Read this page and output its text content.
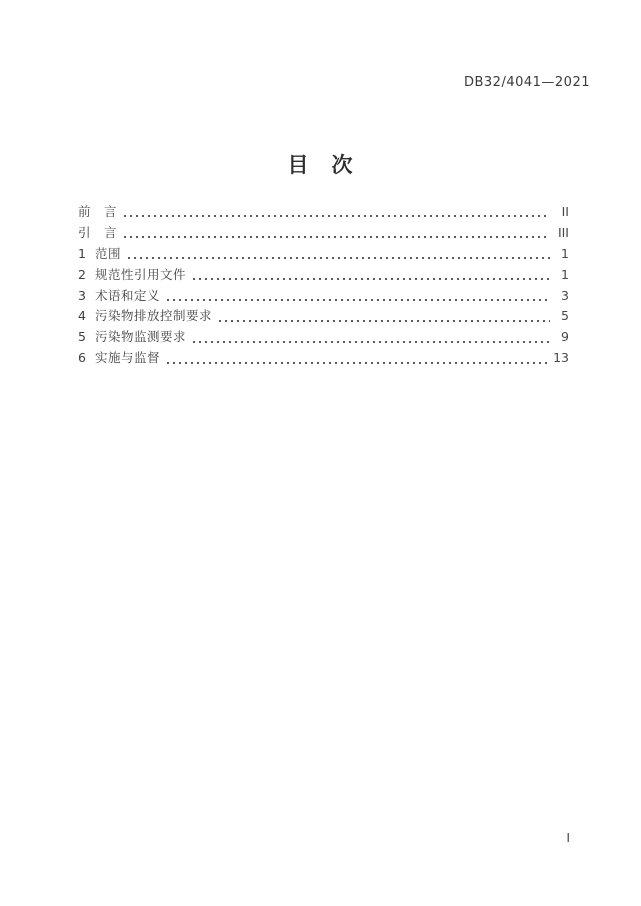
DB32/4041—2021
目　次
前　言	II
引　言	III
1 范围	1
2 规范性引用文件	1
3 术语和定义	3
4 污染物排放控制要求	5
5 污染物监测要求	9
6 实施与监督	13
I
